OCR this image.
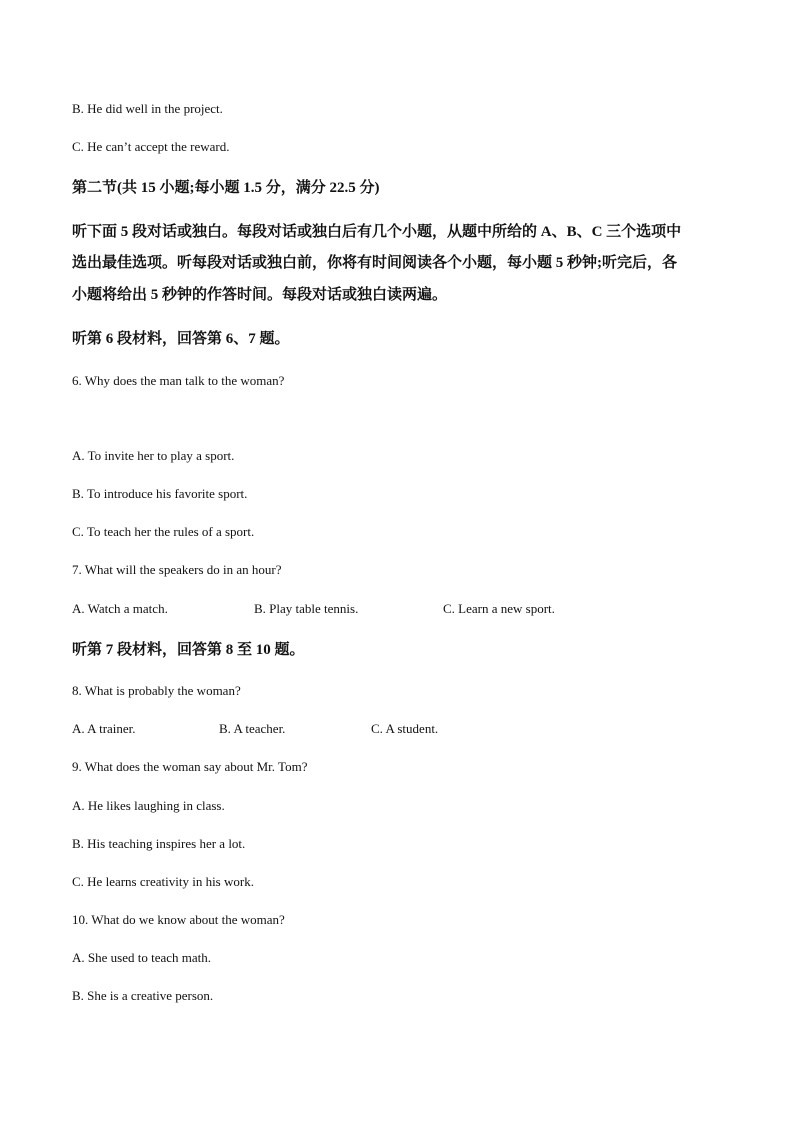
B. He did well in the project.
C. He can’t accept the reward.
第二节(共 15 小题;每小题 1.5 分，满分 22.5 分)
听下面 5 段对话或独白。每段对话或独白后有几个小题，从题中所给的 A、B、C 三个选项中
选出最佳选项。听每段对话或独白前，你将有时间阅读各个小题，每小题 5 秒钟;听完后，各
小题将给出 5 秒钟的作答时间。每段对话或独白读两遍。
听第 6 段材料，回答第 6、7 题。
6. Why does the man talk to the woman?
A. To invite her to play a sport.
B. To introduce his favorite sport.
C. To teach her the rules of a sport.
7. What will the speakers do in an hour?
A. Watch a match.	B. Play table tennis.	C. Learn a new sport.
听第 7 段材料，回答第 8 至 10 题。
8. What is probably the woman?
A. A trainer.	B. A teacher.	C. A student.
9. What does the woman say about Mr. Tom?
A. He likes laughing in class.
B. His teaching inspires her a lot.
C. He learns creativity in his work.
10. What do we know about the woman?
A. She used to teach math.
B. She is a creative person.
